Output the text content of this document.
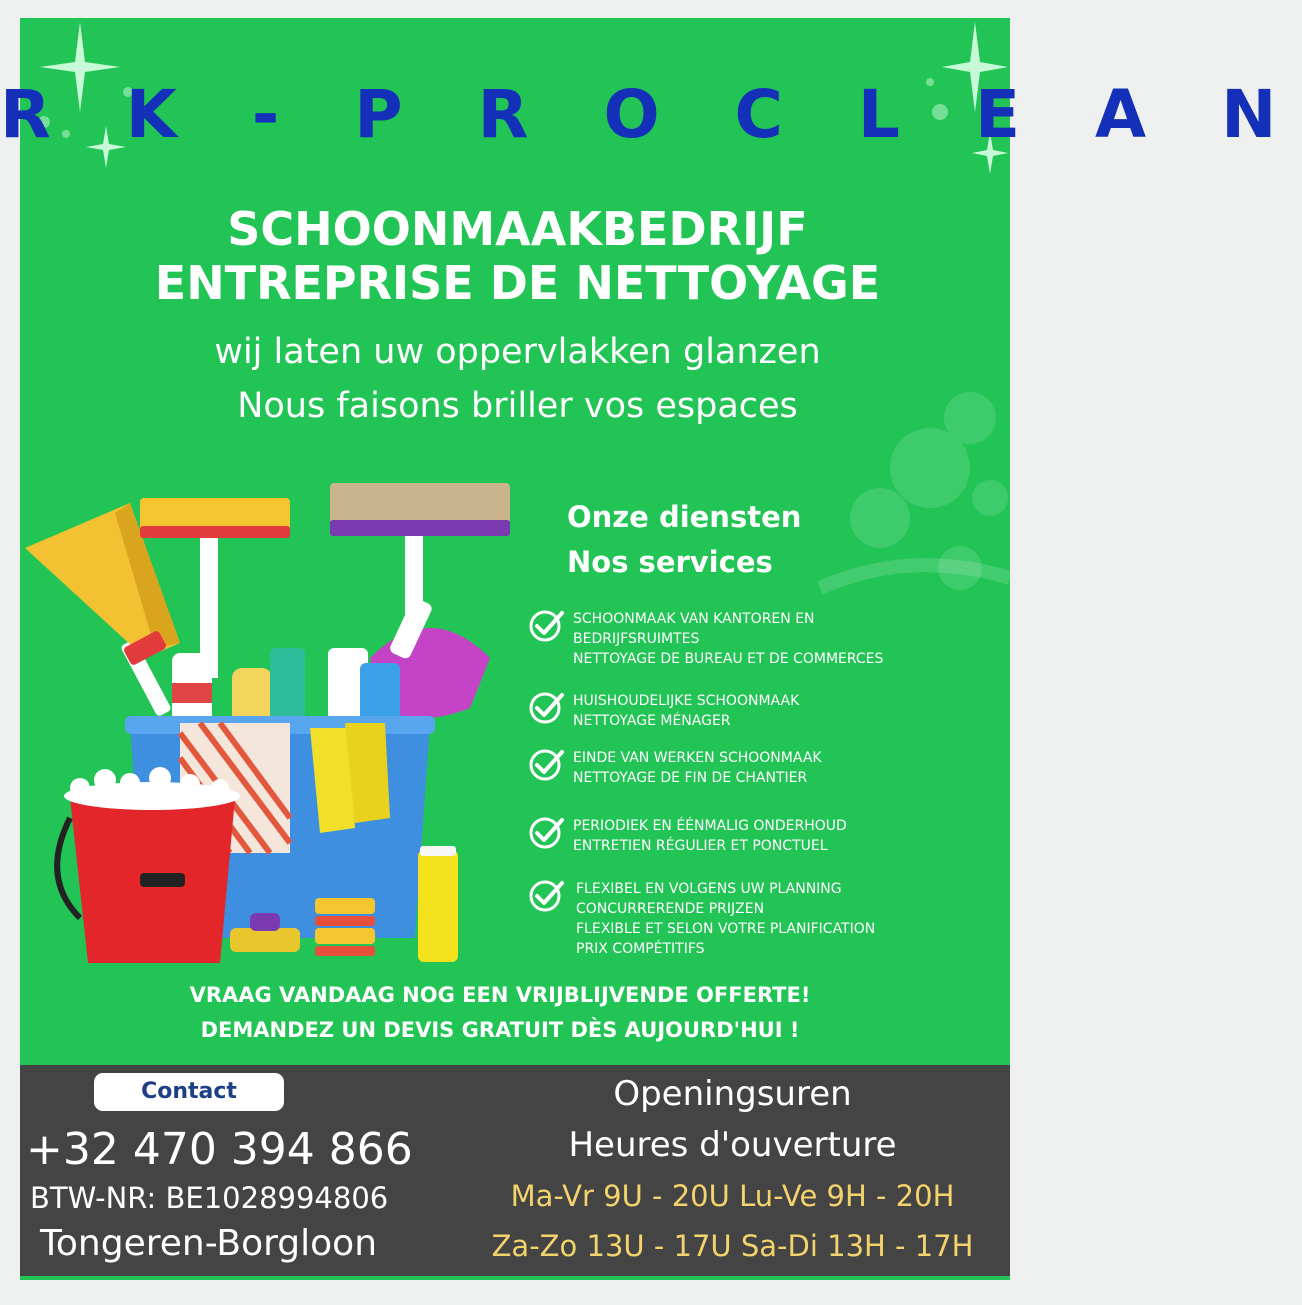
R K - P R O C L E A N
SCHOONMAAKBEDRIJF
ENTREPRISE DE NETTOYAGE
wij laten uw oppervlakken glanzen
Nous faisons briller vos espaces
Onze diensten
Nos services
SCHOONMAAK VAN KANTOREN EN
BEDRIJFSRUIMTES
NETTOYAGE DE BUREAU ET DE COMMERCES
HUISHOUDELIJKE SCHOONMAAK
NETTOYAGE MÉNAGER
EINDE VAN WERKEN SCHOONMAAK
NETTOYAGE DE FIN DE CHANTIER
PERIODIEK EN ÉÉNMALIG ONDERHOUD
ENTRETIEN RÉGULIER ET PONCTUEL
FLEXIBEL EN VOLGENS UW PLANNING
CONCURRERENDE PRIJZEN
FLEXIBLE ET SELON VOTRE PLANIFICATION
PRIX COMPÉTITIFS
VRAAG VANDAAG NOG EEN VRIJBLIJVENDE OFFERTE!
DEMANDEZ UN DEVIS GRATUIT DÈS AUJOURD'HUI !
Contact
+32 470 394 866
BTW-NR: BE1028994806
Tongeren-Borgloon
Openingsuren
Heures d'ouverture
Ma-Vr 9U - 20U Lu-Ve 9H - 20H
Za-Zo 13U - 17U Sa-Di 13H - 17H
